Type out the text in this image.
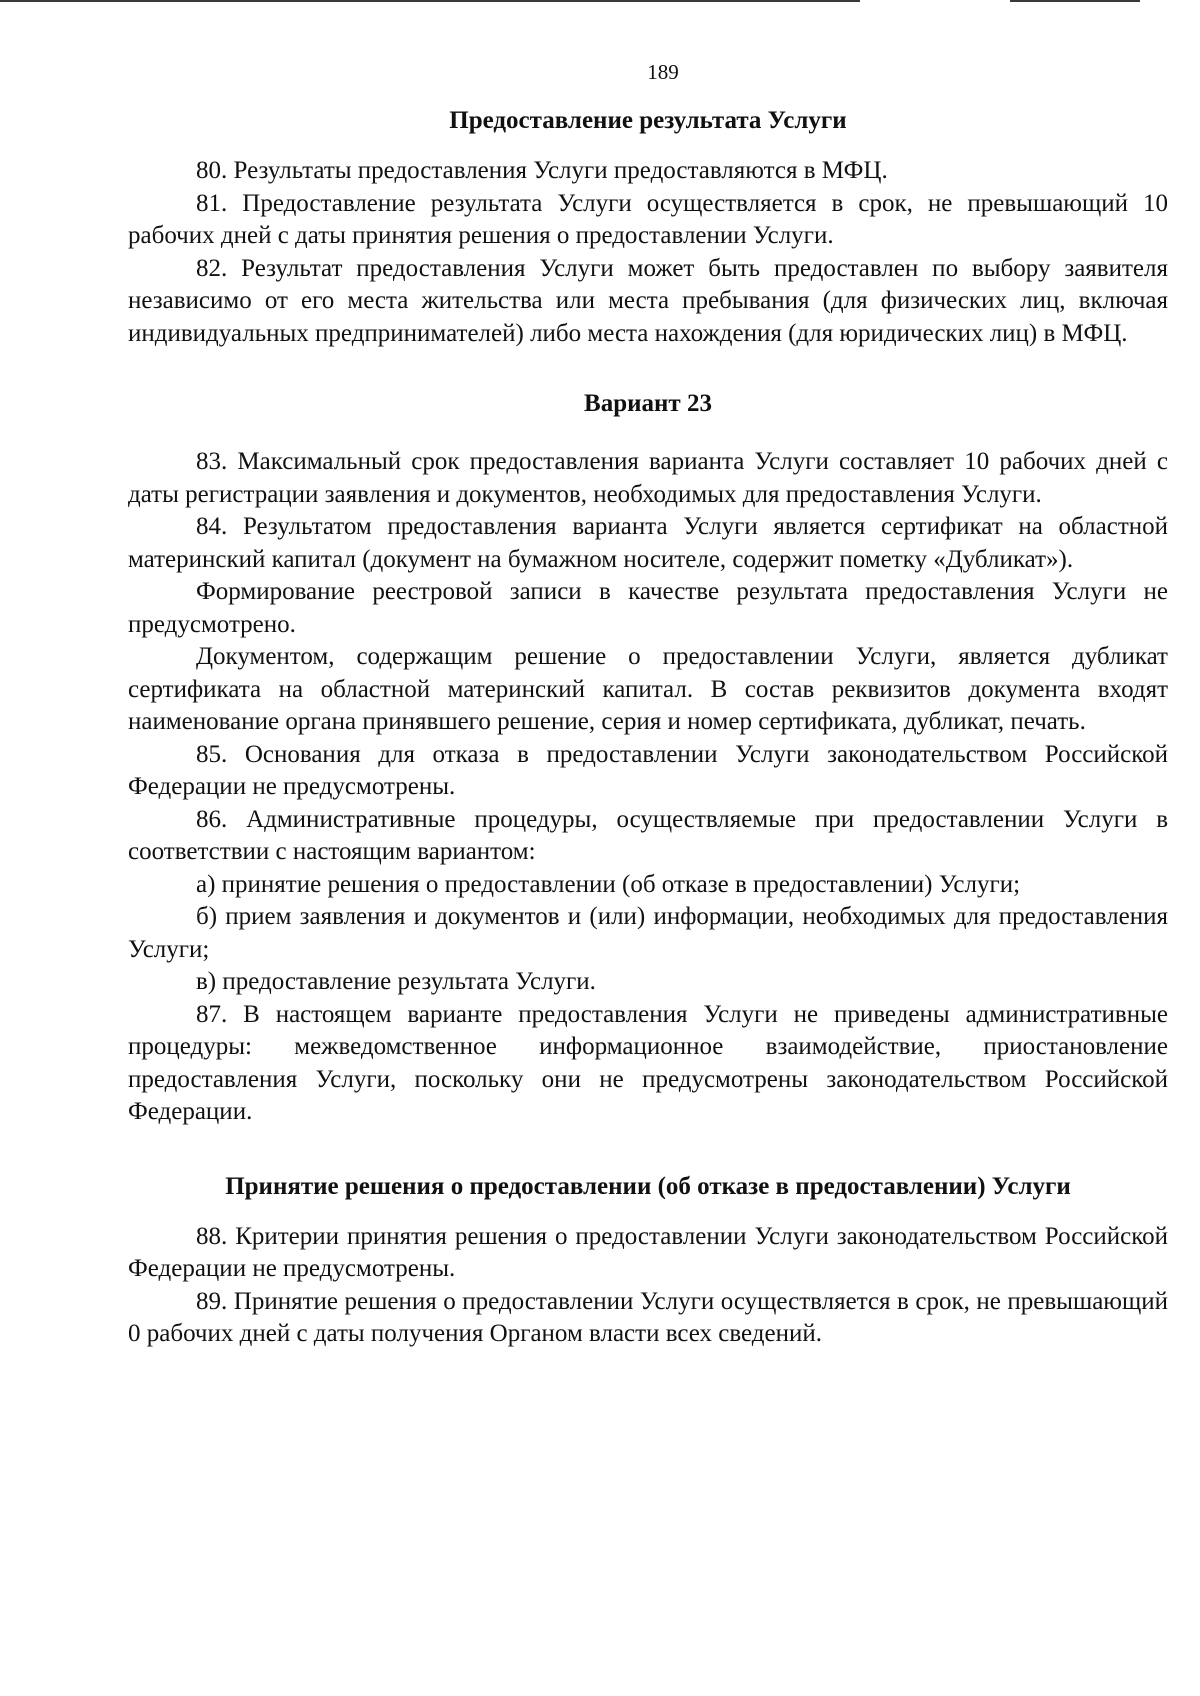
189
Предоставление результата Услуги

80. Результаты предоставления Услуги предоставляются в МФЦ.

81. Предоставление результата Услуги осуществляется в срок, не превышающий 10 рабочих дней с даты принятия решения о предоставлении Услуги.

82. Результат предоставления Услуги может быть предоставлен по выбору заявителя независимо от его места жительства или места пребывания (для физических лиц, включая индивидуальных предпринимателей) либо места нахождения (для юридических лиц) в МФЦ.

Вариант 23

83. Максимальный срок предоставления варианта Услуги составляет 10 рабочих дней с даты регистрации заявления и документов, необходимых для предоставления Услуги.

84. Результатом предоставления варианта Услуги является сертификат на областной материнский капитал (документ на бумажном носителе, содержит пометку «Дубликат»).

Формирование реестровой записи в качестве результата предоставления Услуги не предусмотрено.

Документом, содержащим решение о предоставлении Услуги, является дубликат сертификата на областной материнский капитал. В состав реквизитов документа входят наименование органа принявшего решение, серия и номер сертификата, дубликат, печать.

85. Основания для отказа в предоставлении Услуги законодательством Российской Федерации не предусмотрены.

86. Административные процедуры, осуществляемые при предоставлении Услуги в соответствии с настоящим вариантом:

а) принятие решения о предоставлении (об отказе в предоставлении) Услуги;

б) прием заявления и документов и (или) информации, необходимых для предоставления Услуги;

в) предоставление результата Услуги.

87. В настоящем варианте предоставления Услуги не приведены административные процедуры: межведомственное информационное взаимодействие, приостановление предоставления Услуги, поскольку они не предусмотрены законодательством Российской Федерации.

Принятие решения о предоставлении (об отказе в предоставлении) Услуги

88. Критерии принятия решения о предоставлении Услуги законодательством Российской Федерации не предусмотрены.

89. Принятие решения о предоставлении Услуги осуществляется в срок, не превышающий 0 рабочих дней с даты получения Органом власти всех сведений.
